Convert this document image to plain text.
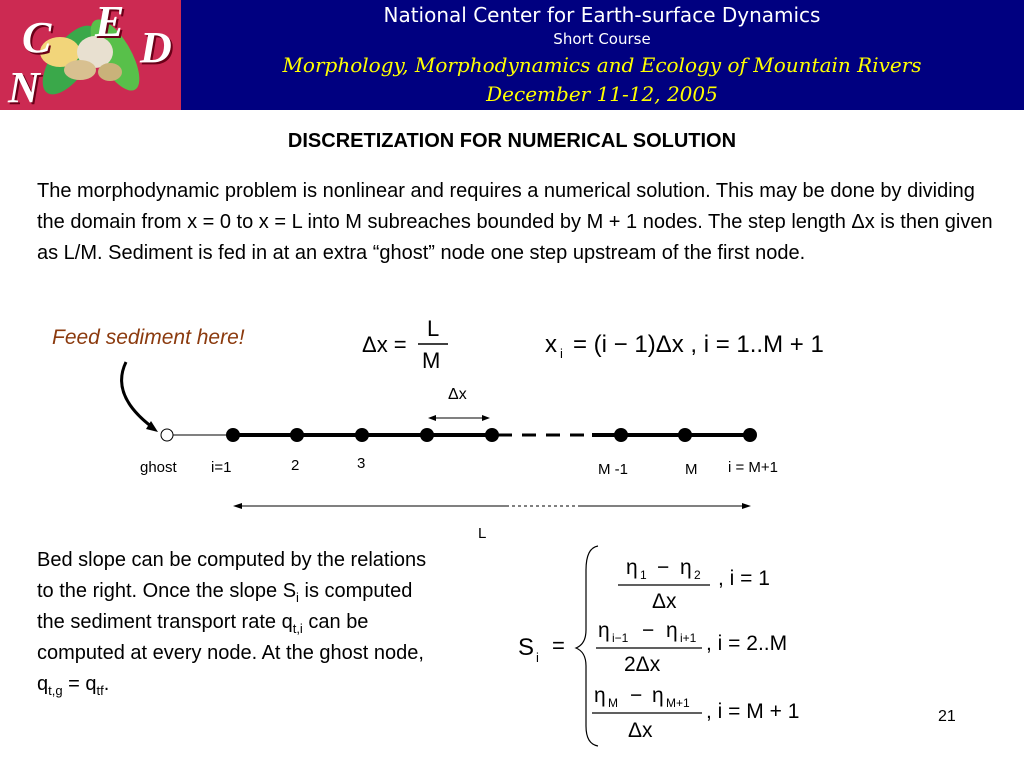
C E
D
N
National Center for Earth-surface Dynamics
Short Course
Morphology, Morphodynamics and Ecology of Mountain Rivers
December 11-12, 2005
DISCRETIZATION FOR NUMERICAL SOLUTION
The morphodynamic problem is nonlinear and requires a numerical solution. This may be done by dividing the domain from x = 0 to x = L into M subreaches bounded by M + 1 nodes. The step length Δx is then given as L/M. Sediment is fed in at an extra “ghost” node one step upstream of the first node.
Feed sediment here!	Δx =
L
M
x i = (i − 1)Δx , i = 1..M + 1
Δx
ghost i=1	2	3	M -1	M i = M+1
L
Bed slope can be computed by the relations to the right. Once the slope $S_i$ is computed the sediment transport rate $q_{t,i}$ can be computed at every node. At the ghost node, $q_{t,g} = q_{tf}$.
S i =
η 1 − η 2
Δx
, i = 1
η i−1 − η i+1
2Δx
, i = 2..M
η M − η M+1
Δx
, i = M + 1	21
